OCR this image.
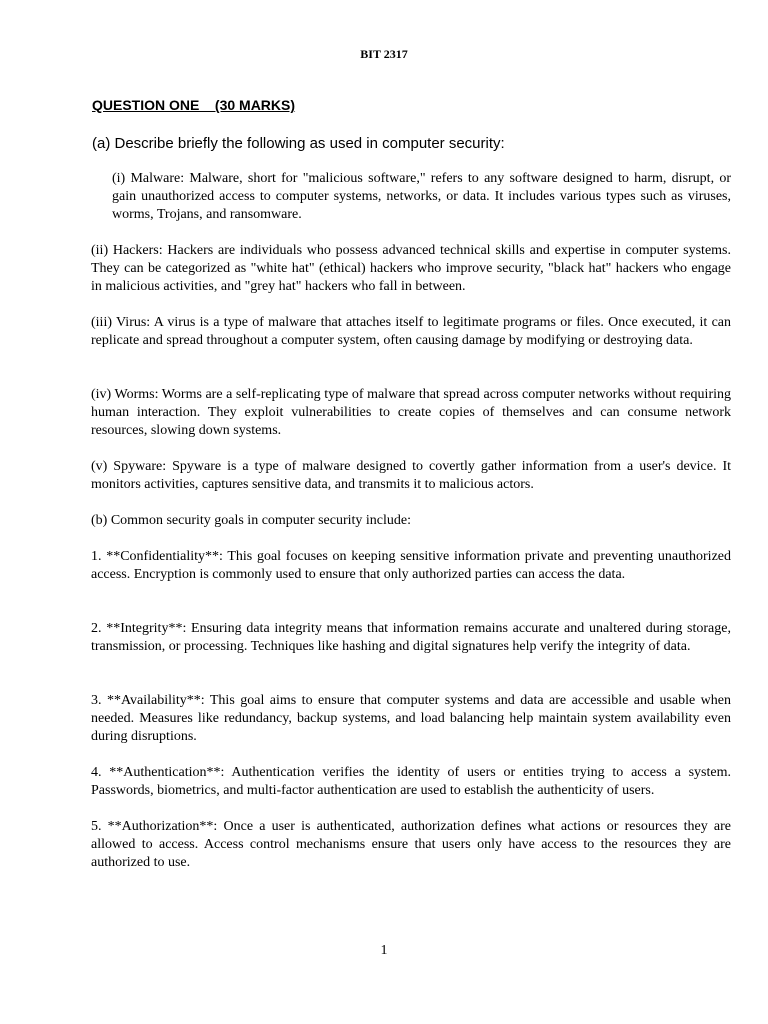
BIT 2317
QUESTION ONE    (30 MARKS)
(a) Describe briefly the following as used in computer security:

(i) Malware: Malware, short for "malicious software," refers to any software designed to harm, disrupt, or gain unauthorized access to computer systems, networks, or data. It includes various types such as viruses, worms, Trojans, and ransomware.

(ii) Hackers: Hackers are individuals who possess advanced technical skills and expertise in computer systems. They can be categorized as "white hat" (ethical) hackers who improve security, "black hat" hackers who engage in malicious activities, and "grey hat" hackers who fall in between.

(iii) Virus: A virus is a type of malware that attaches itself to legitimate programs or files. Once executed, it can replicate and spread throughout a computer system, often causing damage by modifying or destroying data.

(iv) Worms: Worms are a self-replicating type of malware that spread across computer networks without requiring human interaction. They exploit vulnerabilities to create copies of themselves and can consume network resources, slowing down systems.

(v) Spyware: Spyware is a type of malware designed to covertly gather information from a user's device. It monitors activities, captures sensitive data, and transmits it to malicious actors.

(b) Common security goals in computer security include:

1. **Confidentiality**: This goal focuses on keeping sensitive information private and preventing unauthorized access. Encryption is commonly used to ensure that only authorized parties can access the data.

2. **Integrity**: Ensuring data integrity means that information remains accurate and unaltered during storage, transmission, or processing. Techniques like hashing and digital signatures help verify the integrity of data.

3. **Availability**: This goal aims to ensure that computer systems and data are accessible and usable when needed. Measures like redundancy, backup systems, and load balancing help maintain system availability even during disruptions.

4. **Authentication**: Authentication verifies the identity of users or entities trying to access a system. Passwords, biometrics, and multi-factor authentication are used to establish the authenticity of users.

5. **Authorization**: Once a user is authenticated, authorization defines what actions or resources they are allowed to access. Access control mechanisms ensure that users only have access to the resources they are authorized to use.

1
